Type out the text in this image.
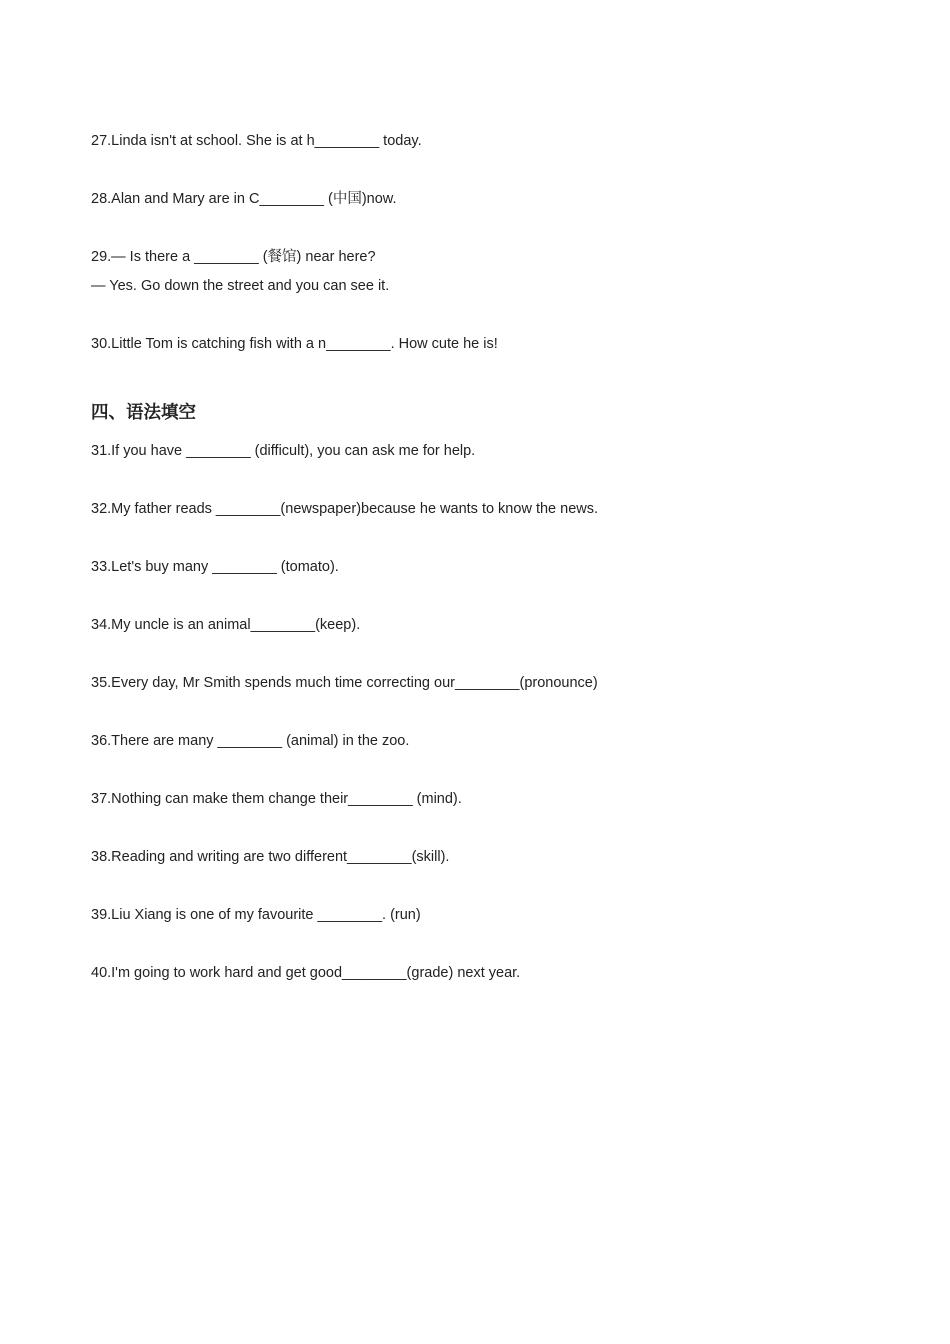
27.Linda isn't at school. She is at h________ today.
28.Alan and Mary are in C________ (中国)now.
29.— Is there a ________ (餐馆) near here?
— Yes. Go down the street and you can see it.
30.Little Tom is catching fish with a n________. How cute he is!
四、语法填空
31.If you have ________ (difficult), you can ask me for help.
32.My father reads ________(newspaper)because he wants to know the news.
33.Let's buy many ________ (tomato).
34.My uncle is an animal________(keep).
35.Every day, Mr Smith spends much time correcting our________(pronounce)
36.There are many ________ (animal) in the zoo.
37.Nothing can make them change their________ (mind).
38.Reading and writing are two different________(skill).
39.Liu Xiang is one of my favourite ________. (run)
40.I'm going to work hard and get good________(grade) next year.
